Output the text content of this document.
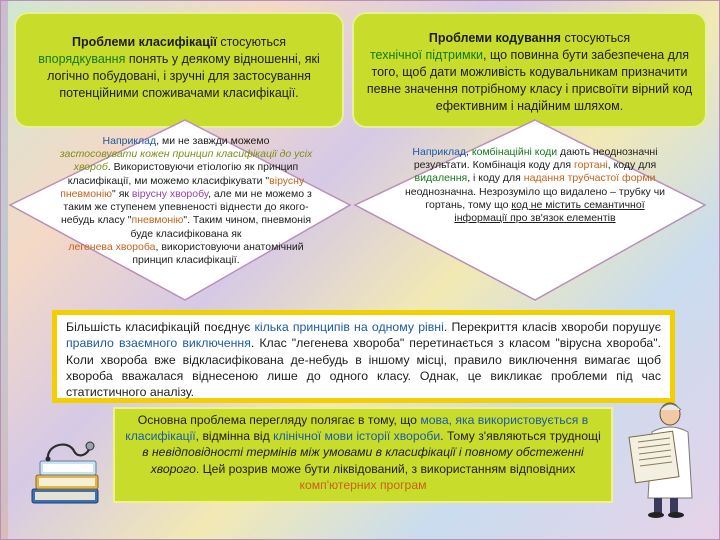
Проблеми класифікації стосуються
впорядкування понять у деякому відношенні, які логічно побудовані, і зручні для застосування потенційними споживачами класифікації.
Проблеми кодування стосуються
технічної підтримки, що повинна бути забезпечена для того, щоб дати можливість кодувальникам призначити певне значення потрібному класу і присвоїти вірний код ефективним і надійним шляхом.
Наприклад, ми не завжди можемо
застосовувати кожен принцип класифікації до усіх хвороб. Використовуючи етіологію як принцип класифікації, ми можемо класифікувати "вірусну пневмонію" як вірусну хворобу, але ми не можемо з таким же ступенем упевненості віднести до якого-небудь класу "пневмонію". Таким чином, пневмонія буде класифікована як
легенева хвороба, використовуючи анатомічний принцип класифікації.
Наприклад, комбінаційні коди дають неоднозначні результати. Комбінація коду для гортані, коду для видалення, і коду для надання трубчастої форми неоднозначна. Незрозуміло що видалено – трубку чи гортань, тому що код не містить семантичної інформації про зв'язок елементів
Більшість класифікацій поєднує кілька принципів на одному рівні. Перекриття класів хвороби порушує правило взаємного виключення. Клас "легенева хвороба" перетинається з класом "вірусна хвороба". Коли хвороба вже відкласифікована де-небудь в іншому місці, правило виключення вимагає щоб хвороба вважалася віднесеною лише до одного класу. Однак, це викликає проблеми під час статистичного аналізу.
Основна проблема перегляду полягає в тому, що мова, яка використовується в класифікації, відмінна від клінічної мови історії хвороби. Тому з'являються труднощі в невідповідності термінів між умовами в класифікації і повному обстеженні хворого. Цей розрив може бути ліквідований, з використанням відповідних комп'ютерних програм
